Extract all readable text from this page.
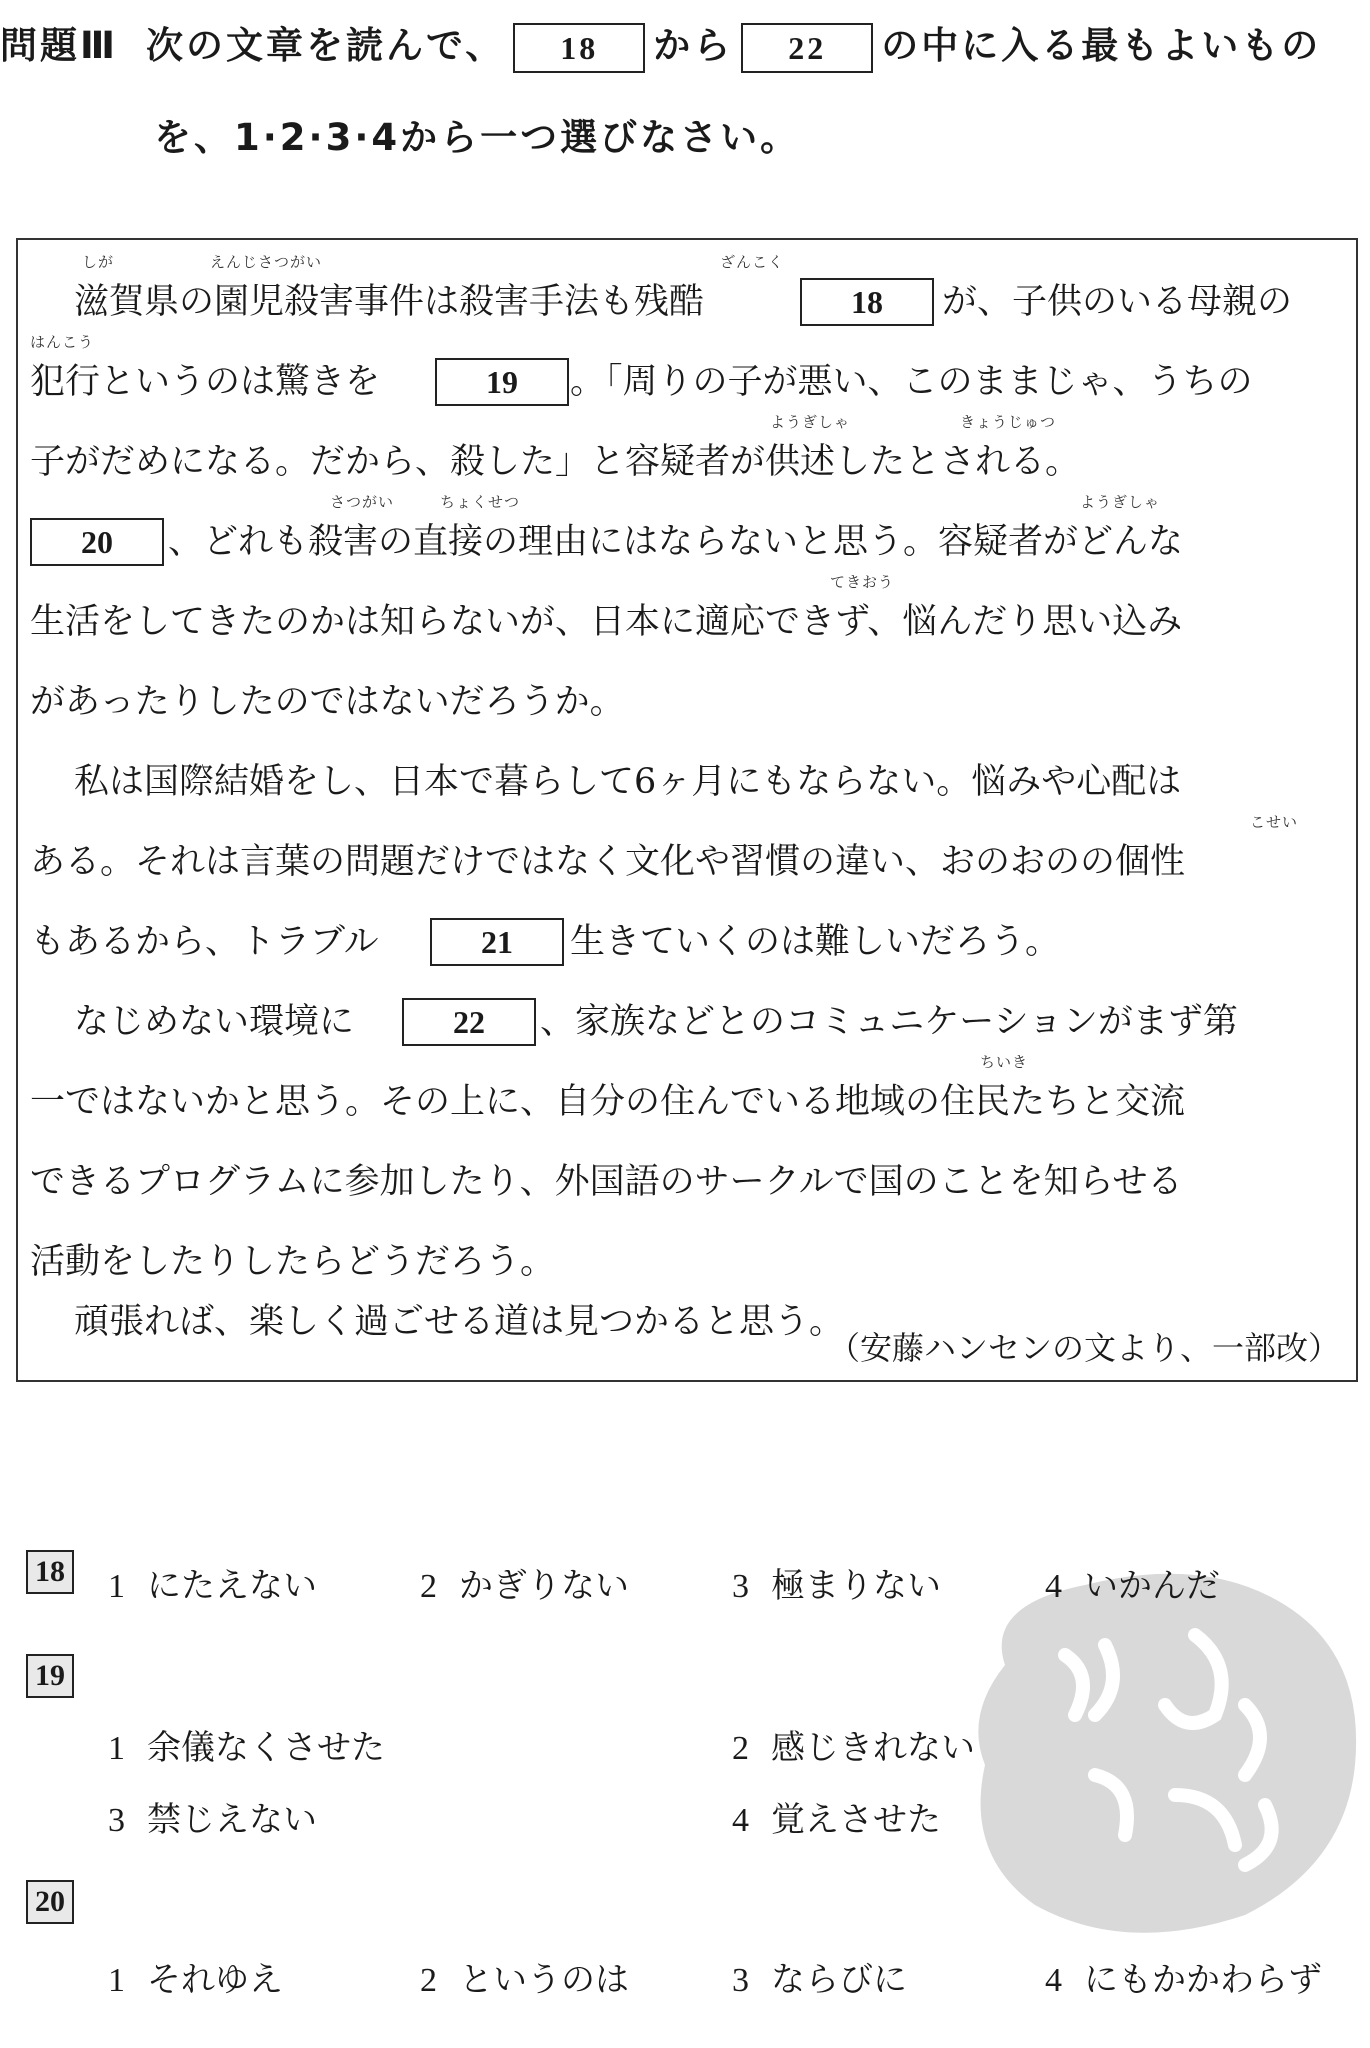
問題Ⅲ 次の文章を読んで、 18 から 22 の中に入る最もよいもの
を、1·2·3·4から一つ選びなさい。
しが	えんじさつがい	ざんこく
滋賀県の園児殺害事件は殺害手法も残酷	18	が、子供のいる母親の
はんこう
犯行というのは驚きを	19	。「周りの子が悪い、このままじゃ、うちの
ようぎしゃ	きょうじゅつ
子がだめになる。だから、殺した」と容疑者が供述したとされる。
さつがい	ちょくせつ	ようぎしゃ
20	、どれも殺害の直接の理由にはならないと思う。容疑者がどんな
てきおう
生活をしてきたのかは知らないが、日本に適応できず、悩んだり思い込み
があったりしたのではないだろうか。
私は国際結婚をし、日本で暮らして6ヶ月にもならない。悩みや心配は
こせい
ある。それは言葉の問題だけではなく文化や習慣の違い、おのおのの個性
もあるから、トラブル	21	生きていくのは難しいだろう。
なじめない環境に	22	、家族などとのコミュニケーションがまず第
ちいき
一ではないかと思う。その上に、自分の住んでいる地域の住民たちと交流
できるプログラムに参加したり、外国語のサークルで国のことを知らせる
活動をしたりしたらどうだろう。
頑張れば、楽しく過ごせる道は見つかると思う。
（安藤ハンセンの文より、一部改）
18 1 にたえない	2 かぎりない	3 極まりない	4 いかんだ
19
1 余儀なくさせた	2 感じきれない
3 禁じえない	4 覚えさせた
20
1 それゆえ	2 というのは	3 ならびに	4 にもかかわらず
